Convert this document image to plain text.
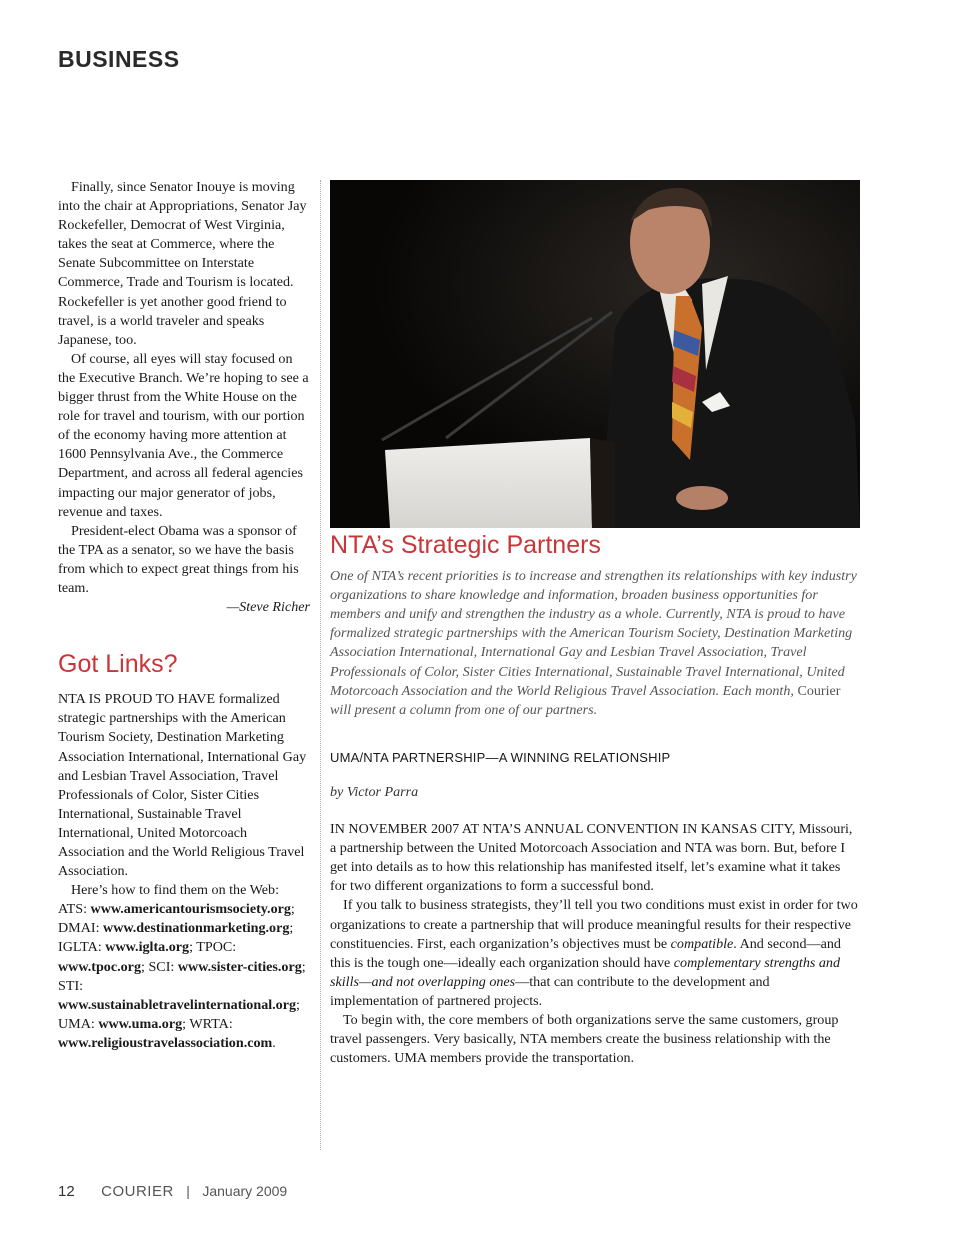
BUSINESS

Finally, since Senator Inouye is moving into the chair at Appropriations, Senator Jay Rockefeller, Democrat of West Virginia, takes the seat at Commerce, where the Senate Subcommittee on Interstate Commerce, Trade and Tourism is located. Rockefeller is yet another good friend to travel, is a world traveler and speaks Japanese, too.

Of course, all eyes will stay focused on the Executive Branch. We’re hoping to see a bigger thrust from the White House on the role for travel and tourism, with our portion of the economy having more attention at 1600 Pennsylvania Ave., the Commerce Department, and across all federal agencies impacting our major generator of jobs, revenue and taxes.

President-elect Obama was a sponsor of the TPA as a senator, so we have the basis from which to expect great things from his team.

—Steve Richer

Got Links?

NTA IS PROUD TO HAVE formalized strategic partnerships with the American Tourism Society, Destination Marketing Association International, International Gay and Lesbian Travel Association, Travel Professionals of Color, Sister Cities International, Sustainable Travel International, United Motorcoach Association and the World Religious Travel Association.

Here’s how to find them on the Web: ATS: www.americantourismsociety.org; DMAI: www.destinationmarketing.org; IGLTA: www.iglta.org; TPOC: www.tpoc.org; SCI: www.sister-cities.org; STI: www.sustainabletravelinternational.org; UMA: www.uma.org; WRTA: www.religioustravelassociation.com.

NTA’s Strategic Partners

One of NTA’s recent priorities is to increase and strengthen its relationships with key industry organizations to share knowledge and information, broaden business opportunities for members and unify and strengthen the industry as a whole. Currently, NTA is proud to have formalized strategic partnerships with the American Tourism Society, Destination Marketing Association International, International Gay and Lesbian Travel Association, Travel Professionals of Color, Sister Cities International, Sustainable Travel International, United Motorcoach Association and the World Religious Travel Association. Each month, Courier will present a column from one of our partners.

UMA/NTA PARTNERSHIP—A WINNING RELATIONSHIP

by Victor Parra

IN NOVEMBER 2007 AT NTA’S ANNUAL CONVENTION IN KANSAS CITY, Missouri, a partnership between the United Motorcoach Association and NTA was born. But, before I get into details as to how this relationship has manifested itself, let’s examine what it takes for two different organizations to form a successful bond.

If you talk to business strategists, they’ll tell you two conditions must exist in order for two organizations to create a partnership that will produce meaningful results for their respective constituencies. First, each organization’s objectives must be compatible. And second—and this is the tough one—ideally each organization should have complementary strengths and skills—and not overlapping ones—that can contribute to the development and implementation of partnered projects.

To begin with, the core members of both organizations serve the same customers, group travel passengers. Very basically, NTA members create the business relationship with the customers. UMA members provide the transportation.

12 COURIER | January 2009
